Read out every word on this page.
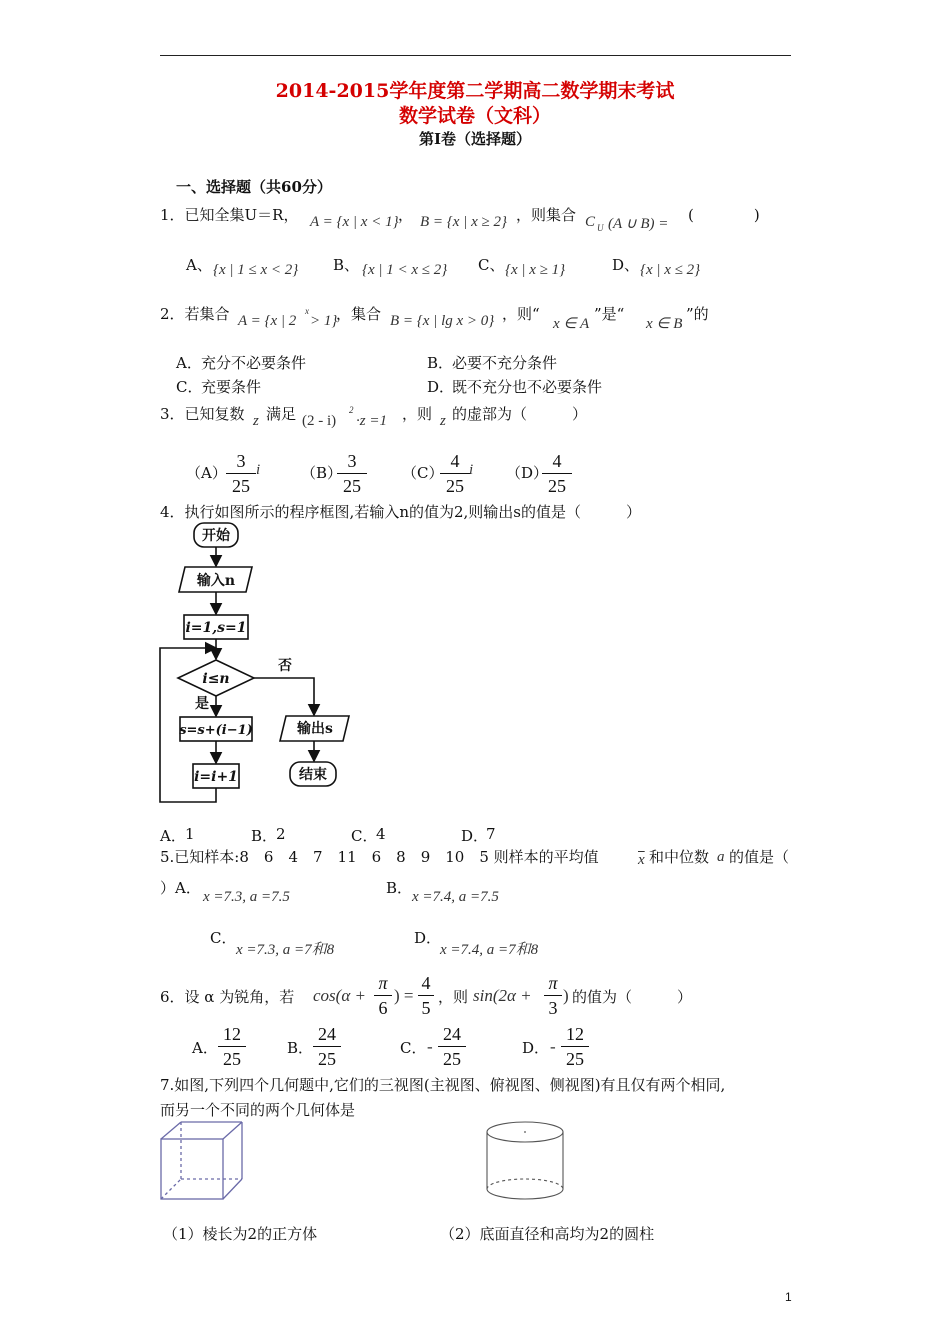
2014-2015学年度第二学期高二数学期末考试
数学试卷（文科）
第Ⅰ卷（选择题）
一、选择题（共60分）
1．已知全集U＝R， A = {x | x < 1} ， B = {x | x ≥ 2} ，则集合 C U (A ∪ B) = (　　　　)
A、 {x | 1 ≤ x < 2} B、 {x | 1 < x ≤ 2} C、 {x | x ≥ 1}	D、 {x | x ≤ 2}
2．若集合 A = {x | 2
x
> 1}
，集合 B = {x | lg x > 0} ，则“
x ∈ A
”是“
x ∈ B
”的
A． 充分不必要条件	B．
必要不充分条件
C．
充要条件	D．
既不充分也不必要条件
3．已知复数 z 满足 (2 - i)
2
·z =1 ，则 z 的虚部为（　　　）
（A）
3
25
i	（B）
3
25
（C）
4
25
i （D）
4
25
4．执行如图所示的程序框图,若输入n的值为2,则输出s的值是（　　　）
开始
输入n
i=1,s=1
i≤n
s=s+(i−1)
i=i+1
输出s
结束
否
是
A． 1	B．
2	C．
4	D．
7
5.已知样本:8　6　4　7　11　6　8　9　10　5 则样本的平均值	$\overline{x}$ 和中位数 a 的值是（
）A． x =7.3, a =7.5	B． x =7.4, a =7.5
C．
x =7.3, a =7和8
D．
x =7.4, a =7和8
6．设 α 为锐角，若 cos(α +
π
6
) =
4
5
，则 sin(2α +
π
3
) 的值为（　　　）
A．
12
25
B．
24
25
C． -
24
25
D． -
12
25
7.如图,下列四个几何题中,它们的三视图(主视图、俯视图、侧视图)有且仅有两个相同,
而另一个不同的两个几何体是
（1）棱长为2的正方体	（2）底面直径和高均为2的圆柱
1
